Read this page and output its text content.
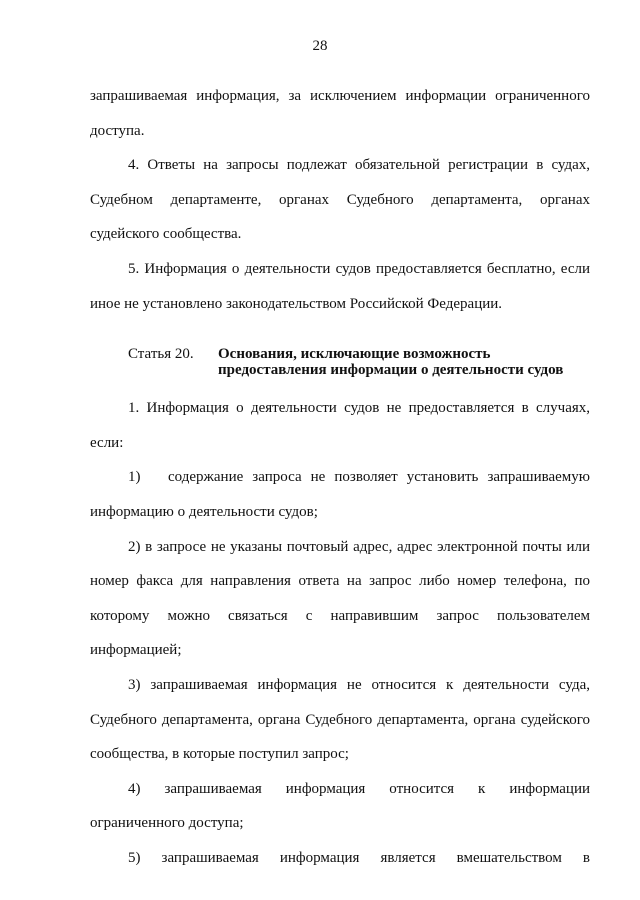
28
запрашиваемая информация, за исключением информации ограниченного
доступа.
4. Ответы на запросы подлежат обязательной регистрации в судах,
Судебном департаменте, органах Судебного департамента, органах
судейского сообщества.
5. Информация о деятельности судов предоставляется бесплатно, если
иное не установлено законодательством Российской Федерации.
Статья 20. Основания, исключающие возможность
предоставления информации о деятельности судов
1. Информация о деятельности судов не предоставляется в случаях,
если:
1) содержание запроса не позволяет установить запрашиваемую
информацию о деятельности судов;
2) в запросе не указаны почтовый адрес, адрес электронной почты или
номер факса для направления ответа на запрос либо номер телефона, по
которому можно связаться с направившим запрос пользователем
информацией;
3) запрашиваемая информация не относится к деятельности суда,
Судебного департамента, органа Судебного департамента, органа судейского
сообщества, в которые поступил запрос;
4) запрашиваемая информация относится к информации
ограниченного доступа;
5) запрашиваемая информация является вмешательством в
